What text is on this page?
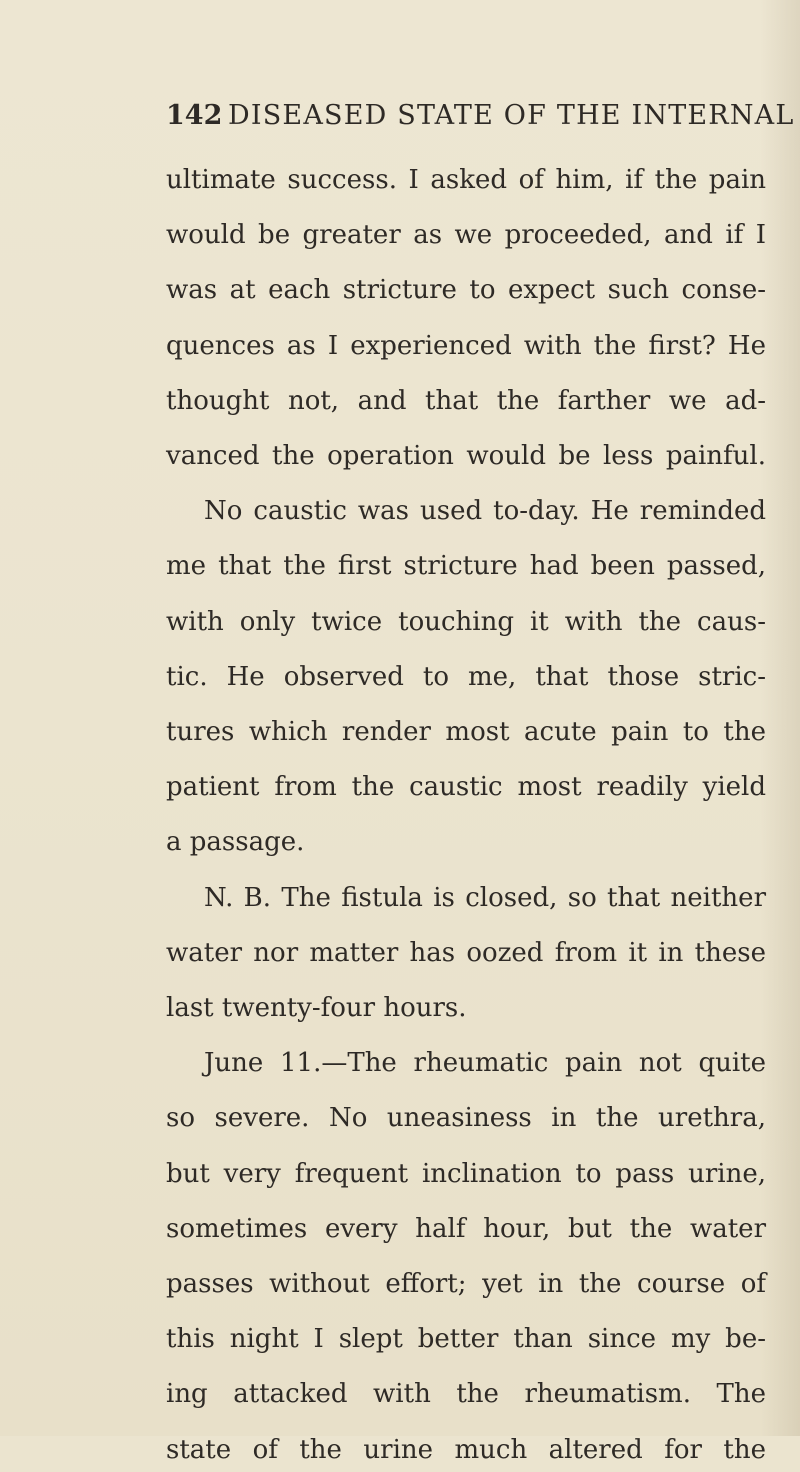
142 DISEASED STATE OF THE INTERNAL
ultimate success. I asked of him, if the pain
would be greater as we proceeded, and if I
was at each stricture to expect such conse-
quences as I experienced with the first? He
thought not, and that the farther we ad-
vanced the operation would be less painful.
No caustic was used to-day. He reminded
me that the first stricture had been passed,
with only twice touching it with the caus-
tic. He observed to me, that those stric-
tures which render most acute pain to the
patient from the caustic most readily yield
a passage.
N. B. The fistula is closed, so that neither
water nor matter has oozed from it in these
last twenty-four hours.
June 11.—The rheumatic pain not quite
so severe. No uneasiness in the urethra,
but very frequent inclination to pass urine,
sometimes every half hour, but the water
passes without effort; yet in the course of
this night I slept better than since my be-
ing attacked with the rheumatism. The
state of the urine much altered for the
